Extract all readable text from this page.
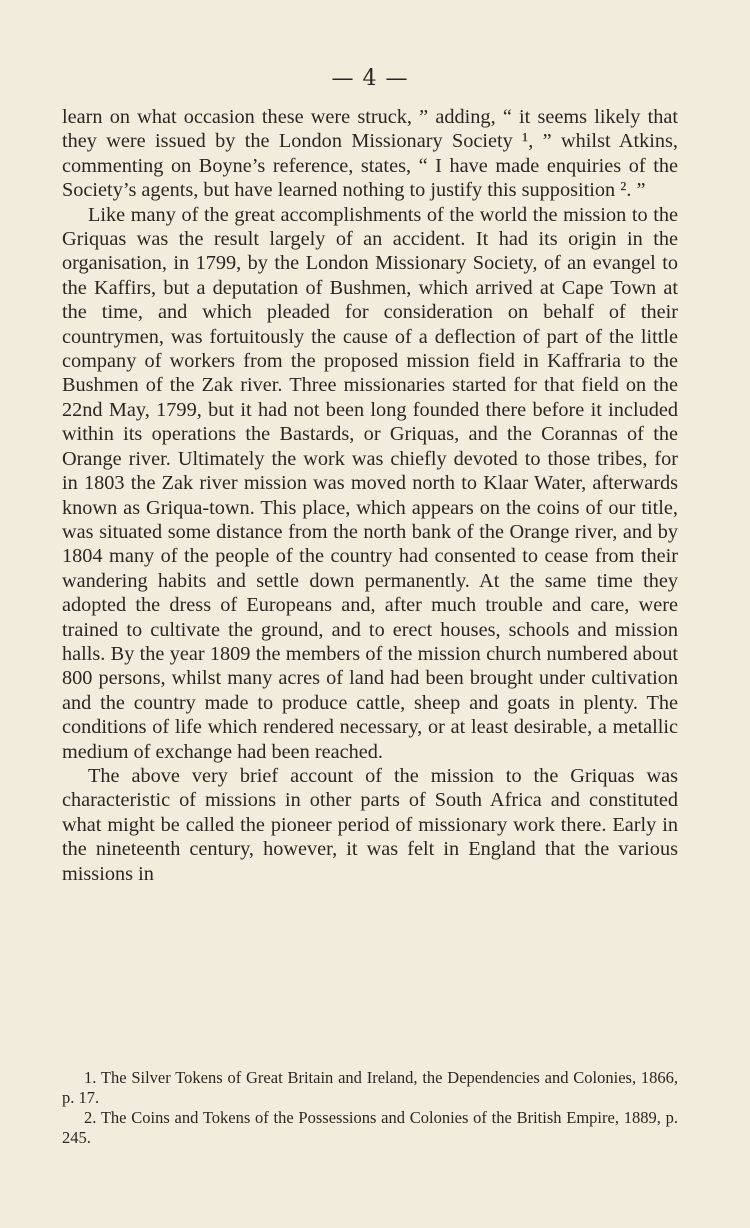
— 4 —

learn on what occasion these were struck, ” adding, “ it seems likely that they were issued by the London Missionary Society ¹, ” whilst Atkins, commenting on Boyne’s reference, states, “ I have made enquiries of the Society’s agents, but have learned nothing to justify this supposition ². ”

Like many of the great accomplishments of the world the mission to the Griquas was the result largely of an accident. It had its origin in the organisation, in 1799, by the London Missionary Society, of an evangel to the Kaffirs, but a deputation of Bushmen, which arrived at Cape Town at the time, and which pleaded for consideration on behalf of their countrymen, was fortuitously the cause of a deflection of part of the little company of workers from the proposed mission field in Kaffraria to the Bushmen of the Zak river. Three missionaries started for that field on the 22nd May, 1799, but it had not been long founded there before it included within its operations the Bastards, or Griquas, and the Corannas of the Orange river. Ultimately the work was chiefly devoted to those tribes, for in 1803 the Zak river mission was moved north to Klaar Water, afterwards known as Griqua-town. This place, which appears on the coins of our title, was situated some distance from the north bank of the Orange river, and by 1804 many of the people of the country had consented to cease from their wandering habits and settle down permanently. At the same time they adopted the dress of Europeans and, after much trouble and care, were trained to cultivate the ground, and to erect houses, schools and mission halls. By the year 1809 the members of the mission church numbered about 800 persons, whilst many acres of land had been brought under cultivation and the country made to produce cattle, sheep and goats in plenty. The conditions of life which rendered necessary, or at least desirable, a metallic medium of exchange had been reached.

The above very brief account of the mission to the Griquas was characteristic of missions in other parts of South Africa and constituted what might be called the pioneer period of missionary work there. Early in the nineteenth century, however, it was felt in England that the various missions in

1. The Silver Tokens of Great Britain and Ireland, the Dependencies and Colonies, 1866, p. 17.

2. The Coins and Tokens of the Possessions and Colonies of the British Empire, 1889, p. 245.
